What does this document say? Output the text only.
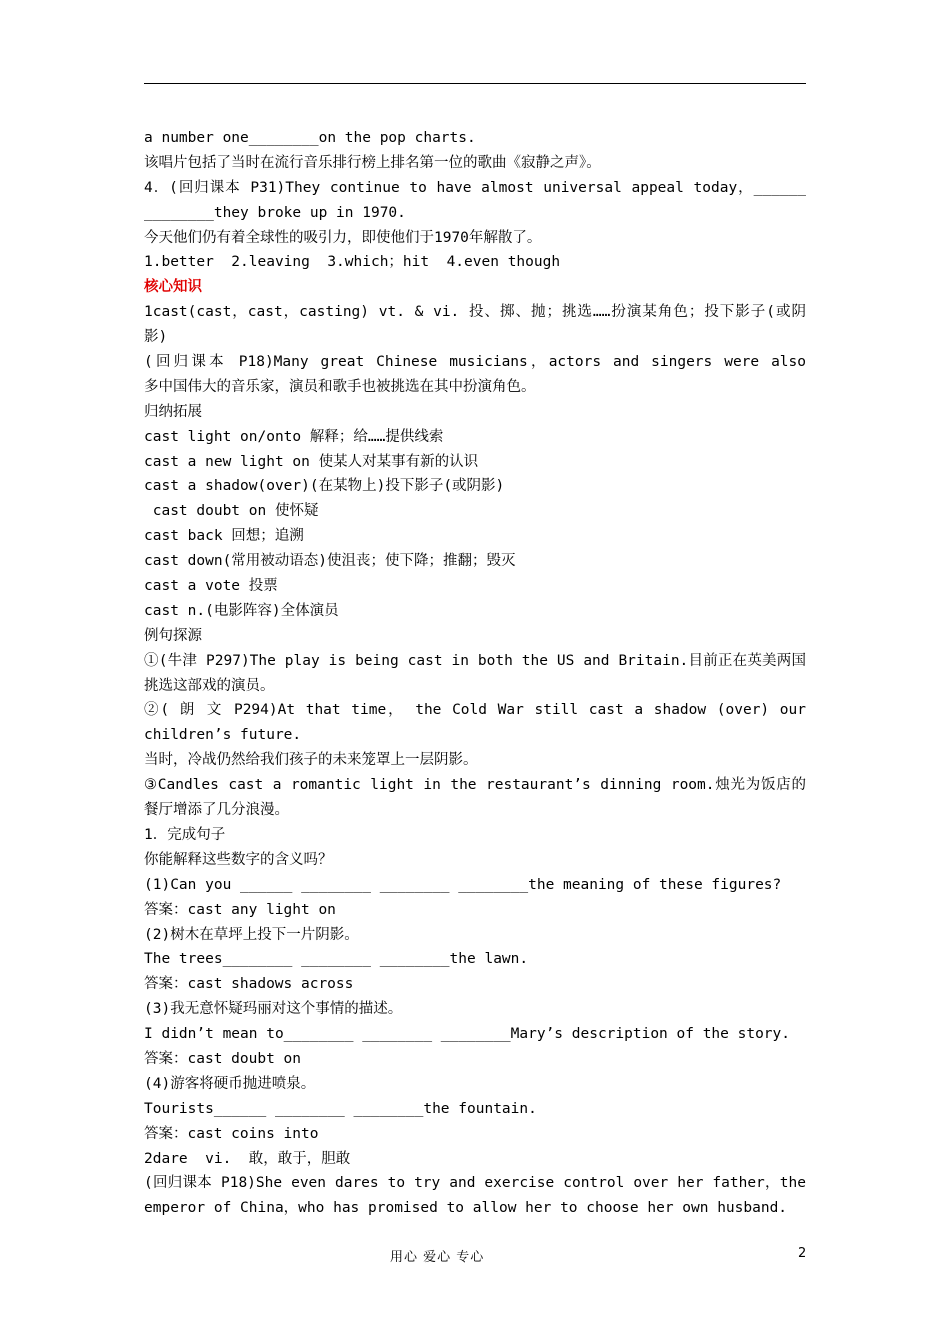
a number one________on the pop charts.
该唱片包括了当时在流行音乐排行榜上排名第一位的歌曲《寂静之声》。
4．(回归课本 P31)They continue to have almost universal appeal today，______
________they broke up in 1970.
今天他们仍有着全球性的吸引力，即使他们于1970年解散了。
1.better  2.leaving  3.which；hit  4.even though
核心知识
1cast(cast，cast，casting) vt. & vi. 投、掷、抛；挑选……扮演某角色；投下影子(或阴
影)
(回归课本 P18)Many great Chinese musicians，actors and singers were also
多中国伟大的音乐家，演员和歌手也被挑选在其中扮演角色。
归纳拓展
cast light on/onto 解释；给……提供线索
cast a new light on 使某人对某事有新的认识
cast a shadow(over)(在某物上)投下影子(或阴影)
cast doubt on 使怀疑
cast back 回想；追溯
cast down(常用被动语态)使沮丧；使下降；推翻；毁灭
cast a vote 投票
cast n.(电影阵容)全体演员
例句探源
①(牛津 P297)The play is being cast in both the US and Britain.目前正在英美两国
挑选这部戏的演员。
②( 朗 文 P294)At that time， the Cold War still cast a shadow (over) our
children’s future.
当时，冷战仍然给我们孩子的未来笼罩上一层阴影。
③Candles cast a romantic light in the restaurant’s dinning room.烛光为饭店的
餐厅增添了几分浪漫。
1．完成句子
你能解释这些数字的含义吗？
(1)Can you ______ ________ ________ ________the meaning of these figures?
答案：cast any light on
(2)树木在草坪上投下一片阴影。
The trees________ ________ ________the lawn.
答案：cast shadows across
(3)我无意怀疑玛丽对这个事情的描述。
I didn’t mean to________ ________ ________Mary’s description of the story.
答案：cast doubt on
(4)游客将硬币抛进喷泉。
Tourists______ ________ ________the fountain.
答案：cast coins into
2dare  vi.  敢，敢于，胆敢
(回归课本 P18)She even dares to try and exercise control over her father，the
emperor of China，who has promised to allow her to choose her own husband.
用心 爱心 专心	2
